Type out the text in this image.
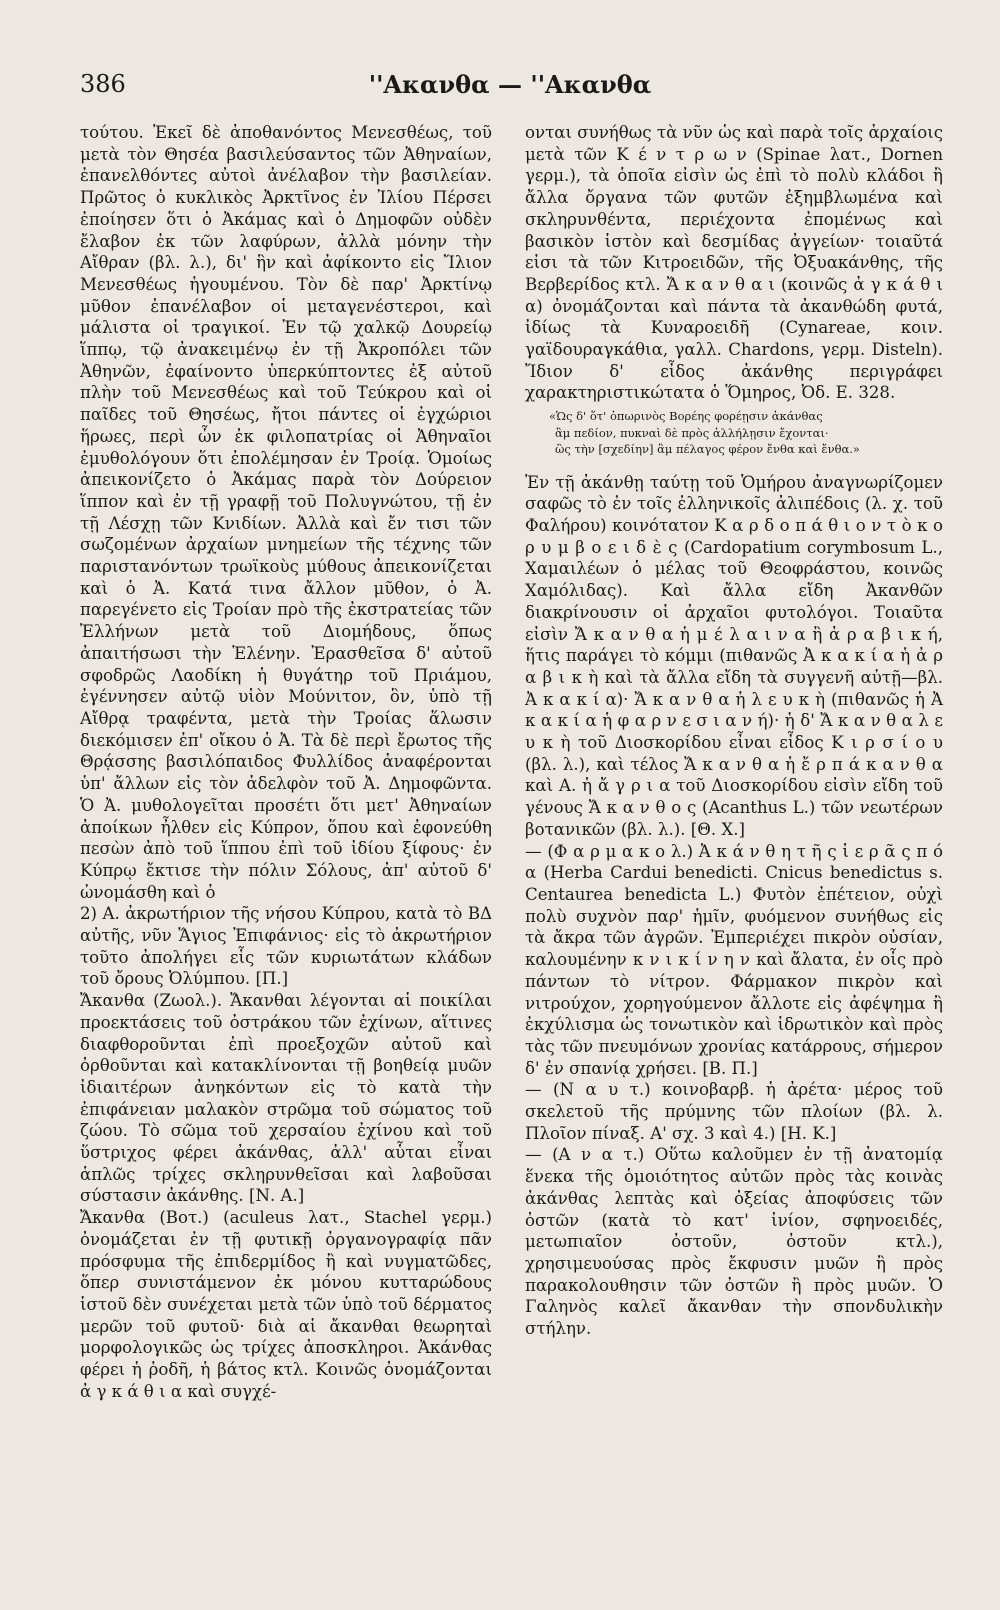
386	''Ακανθα — ''Ακανθα

τούτου. Ἐκεῖ δὲ ἀποθανόντος Μενεσθέως, τοῦ μετὰ τὸν Θησέα βασιλεύσαντος τῶν Ἀθηναίων, ἐπανελθόντες αὐτοὶ ἀνέλαβον τὴν βασιλείαν. Πρῶτος ὁ κυκλικὸς Ἀρκτῖνος ἐν Ἰλίου Πέρσει ἐποίησεν ὅτι ὁ Ἀκάμας καὶ ὁ Δημοφῶν οὐδὲν ἔλαβον ἐκ τῶν λαφύρων, ἀλλὰ μόνην τὴν Αἴθραν (βλ. λ.), δι' ἣν καὶ ἀφίκοντο εἰς Ἴλιον Μενεσθέως ἡγουμένου. Τὸν δὲ παρ' Ἀρκτίνῳ μῦθον ἐπανέλαβον οἱ μεταγενέστεροι, καὶ μάλιστα οἱ τραγικοί. Ἐν τῷ χαλκῷ Δουρείῳ ἵππῳ, τῷ ἀνακειμένῳ ἐν τῇ Ἀκροπόλει τῶν Ἀθηνῶν, ἐφαίνοντο ὑπερκύπτοντες ἐξ αὐτοῦ πλὴν τοῦ Μενεσθέως καὶ τοῦ Τεύκρου καὶ οἱ παῖδες τοῦ Θησέως, ἤτοι πάντες οἱ ἐγχώριοι ἥρωες, περὶ ὧν ἐκ φιλοπατρίας οἱ Ἀθηναῖοι ἐμυθολόγουν ὅτι ἐπολέμησαν ἐν Τροίᾳ. Ὁμοίως ἀπεικονίζετο ὁ Ἀκάμας παρὰ τὸν Δούρειον ἵππον καὶ ἐν τῇ γραφῇ τοῦ Πολυγνώτου, τῇ ἐν τῇ Λέσχῃ τῶν Κνιδίων. Ἀλλὰ καὶ ἔν τισι τῶν σωζομένων ἀρχαίων μνημείων τῆς τέχνης τῶν παριστανόντων τρωϊκοὺς μύθους ἀπεικονίζεται καὶ ὁ Ἀ. Κατά τινα ἄλλον μῦθον, ὁ Ἀ. παρεγένετο εἰς Τροίαν πρὸ τῆς ἐκστρατείας τῶν Ἑλλήνων μετὰ τοῦ Διομήδους, ὅπως ἀπαιτήσωσι τὴν Ἑλένην. Ἐρασθεῖσα δ' αὐτοῦ σφοδρῶς Λαοδίκη ἡ θυγάτηρ τοῦ Πριάμου, ἐγέννησεν αὐτῷ υἱὸν Μούνιτον, ὃν, ὑπὸ τῇ Αἴθρᾳ τραφέντα, μετὰ τὴν Τροίας ἅλωσιν διεκόμισεν ἐπ' οἴκου ὁ Ἀ. Τὰ δὲ περὶ ἔρωτος τῆς Θρᾴσσης βασιλόπαιδος Φυλλίδος ἀναφέρονται ὑπ' ἄλλων εἰς τὸν ἀδελφὸν τοῦ Ἀ. Δημοφῶντα. Ὁ Ἀ. μυθολογεῖται προσέτι ὅτι μετ' Ἀθηναίων ἀποίκων ἦλθεν εἰς Κύπρον, ὅπου καὶ ἐφονεύθη πεσὼν ἀπὸ τοῦ ἵππου ἐπὶ τοῦ ἰδίου ξίφους· ἐν Κύπρῳ ἔκτισε τὴν πόλιν Σόλους, ἀπ' αὐτοῦ δ' ὠνομάσθη καὶ ὁ

2) Α. ἀκρωτήριον τῆς νήσου Κύπρου, κατὰ τὸ ΒΔ αὐτῆς, νῦν Ἅγιος Ἐπιφάνιος· εἰς τὸ ἀκρωτήριον τοῦτο ἀπολήγει εἷς τῶν κυριωτάτων κλάδων τοῦ ὄρους Ὀλύμπου. [Π.]

Ἄκανθα (Ζωολ.). Ἄκανθαι λέγονται αἱ ποικίλαι προεκτάσεις τοῦ ὀστράκου τῶν ἐχίνων, αἵτινες διαφθοροῦνται ἐπὶ προεξοχῶν αὐτοῦ καὶ ὀρθοῦνται καὶ κατακλίνονται τῇ βοηθείᾳ μυῶν ἰδιαιτέρων ἀνηκόντων εἰς τὸ κατὰ τὴν ἐπιφάνειαν μαλακὸν στρῶμα τοῦ σώματος τοῦ ζώου. Τὸ σῶμα τοῦ χερσαίου ἐχίνου καὶ τοῦ ὕστριχος φέρει ἀκάνθας, ἀλλ' αὗται εἶναι ἁπλῶς τρίχες σκληρυνθεῖσαι καὶ λαβοῦσαι σύστασιν ἀκάνθης. [Ν. Α.]

Ἄκανθα (Βοτ.) (aculeus λατ., Stachel γερμ.) ὀνομάζεται ἐν τῇ φυτικῇ ὀργανογραφίᾳ πᾶν πρόσφυμα τῆς ἐπιδερμίδος ἢ καὶ νυγματῶδες, ὅπερ συνιστάμενον ἐκ μόνου κυτταρώδους ἱστοῦ δὲν συνέχεται μετὰ τῶν ὑπὸ τοῦ δέρματος μερῶν τοῦ φυτοῦ· διὰ αἱ ἄκανθαι θεωρηταὶ μορφολογικῶς ὡς τρίχες ἀποσκληροι. Ἀκάνθας φέρει ἡ ῥοδῆ, ἡ βάτος κτλ. Κοινῶς ὀνομάζονται ἀ γ κ ά θ ι α καὶ συγχέ-

ονται συνήθως τὰ νῦν ὡς καὶ παρὰ τοῖς ἀρχαίοις μετὰ τῶν Κ έ ν τ ρ ω ν (Spinae λατ., Dornen γερμ.), τὰ ὁποῖα εἰσὶν ὡς ἐπὶ τὸ πολὺ κλάδοι ἢ ἄλλα ὄργανα τῶν φυτῶν ἐξημβλωμένα καὶ σκληρυνθέντα, περιέχοντα ἐπομένως καὶ βασικὸν ἱστὸν καὶ δεσμίδας ἀγγείων· τοιαῦτά εἰσι τὰ τῶν Κιτροειδῶν, τῆς Ὀξυακάνθης, τῆς Βερβερίδος κτλ. Ἄ κ α ν θ α ι (κοινῶς ἀ γ κ ά θ ι α) ὀνομάζονται καὶ πάντα τὰ ἀκανθώδη φυτά, ἰδίως τὰ Κυναροειδῆ (Cynareae, κοιν. γαϊδουραγκάθια, γαλλ. Chardons, γερμ. Disteln). Ἴδιον δ' εἶδος ἀκάνθης περιγράφει χαρακτηριστικώτατα ὁ Ὅμηρος, Ὀδ. Ε. 328.

«Ὡς δ' ὅτ' ὀπωρινὸς Βορέης φορέῃσιν ἀκάνθας
ἂμ πεδίον, πυκναὶ δὲ πρὸς ἀλλήλῃσιν ἔχονται·
ὣς τὴν [σχεδίην] ἂμ πέλαγος φέρον ἔνθα καὶ ἔνθα.»

Ἐν τῇ ἀκάνθῃ ταύτῃ τοῦ Ὁμήρου ἀναγνωρίζομεν σαφῶς τὸ ἐν τοῖς ἐλληνικοῖς ἀλιπέδοις (λ. χ. τοῦ Φαλήρου) κοινότατον Κ α ρ δ ο π ά θ ι ο ν τ ὸ κ ο ρ υ μ β ο ε ι δ ὲ ς (Cardopatium corymbosum L., Χαμαιλέων ὁ μέλας τοῦ Θεοφράστου, κοινῶς Χαμόλιδας). Καὶ ἄλλα εἴδη Ἀκανθῶν διακρίνουσιν οἱ ἀρχαῖοι φυτολόγοι. Τοιαῦτα εἰσὶν Ἄ κ α ν θ α ἡ μ έ λ α ι ν α ἢ ἀ ρ α β ι κ ή, ἥτις παράγει τὸ κόμμι (πιθανῶς Ἀ κ α κ ί α ἡ ἀ ρ α β ι κ ὴ καὶ τὰ ἄλλα εἴδη τὰ συγγενῆ αὐτῇ—βλ. Ἀ κ α κ ί α)· Ἄ κ α ν θ α ἡ λ ε υ κ ὴ (πιθανῶς ἡ Ἀ κ α κ ί α ἡ φ α ρ ν ε σ ι α ν ή)· ἡ δ' Ἄ κ α ν θ α λ ε υ κ ὴ τοῦ Διοσκορίδου εἶναι εἶδος Κ ι ρ σ ί ο υ (βλ. λ.), καὶ τέλος Ἄ κ α ν θ α ἡ ἔ ρ π ά κ α ν θ α καὶ Α. ἡ ἄ γ ρ ι α τοῦ Διοσκορίδου εἰσὶν εἴδη τοῦ γένους Ἄ κ α ν θ ο ς (Acanthus L.) τῶν νεωτέρων βοτανικῶν (βλ. λ.). [Θ. Χ.]

— (Φ α ρ μ α κ ο λ.) Ἀ κ ά ν θ η τ ῆ ς ἱ ε ρ ᾶ ς π ό α (Herba Cardui benedicti. Cnicus benedictus s. Centaurea benedicta L.) Φυτὸν ἐπέτειον, οὐχὶ πολὺ συχνὸν παρ' ἡμῖν, φυόμενον συνήθως εἰς τὰ ἄκρα τῶν ἀγρῶν. Ἐμπεριέχει πικρὸν οὐσίαν, καλουμένην κ ν ι κ ί ν η ν καὶ ἄλατα, ἐν οἷς πρὸ πάντων τὸ νίτρον. Φάρμακον πικρὸν καὶ νιτρούχον, χορηγούμενον ἄλλοτε εἰς ἀφέψημα ἢ ἐκχύλισμα ὡς τονωτικὸν καὶ ἱδρωτικὸν καὶ πρὸς τὰς τῶν πνευμόνων χρονίας κατάρρους, σήμερον δ' ἐν σπανίᾳ χρήσει. [Β. Π.]

— (Ν α υ τ.) κοινοβαρβ. ἡ ἀρέτα· μέρος τοῦ σκελετοῦ τῆς πρύμνης τῶν πλοίων (βλ. λ. Πλοῖον πίναξ. Α' σχ. 3 καὶ 4.) [Η. Κ.]

— (Α ν α τ.) Οὕτω καλοῦμεν ἐν τῇ ἀνατομίᾳ ἕνεκα τῆς ὁμοιότητος αὐτῶν πρὸς τὰς κοινὰς ἀκάνθας λεπτὰς καὶ ὀξείας ἀποφύσεις τῶν ὀστῶν (κατὰ τὸ κατ' ἰνίον, σφηνοειδές, μετωπιαῖον ὀστοῦν, ὀστοῦν κτλ.), χρησιμευούσας πρὸς ἔκφυσιν μυῶν ἢ πρὸς παρακολουθησιν τῶν ὀστῶν ἢ πρὸς μυῶν. Ὁ Γαληνὸς καλεῖ ἄκανθαν τὴν σπονδυλικὴν στήλην.
